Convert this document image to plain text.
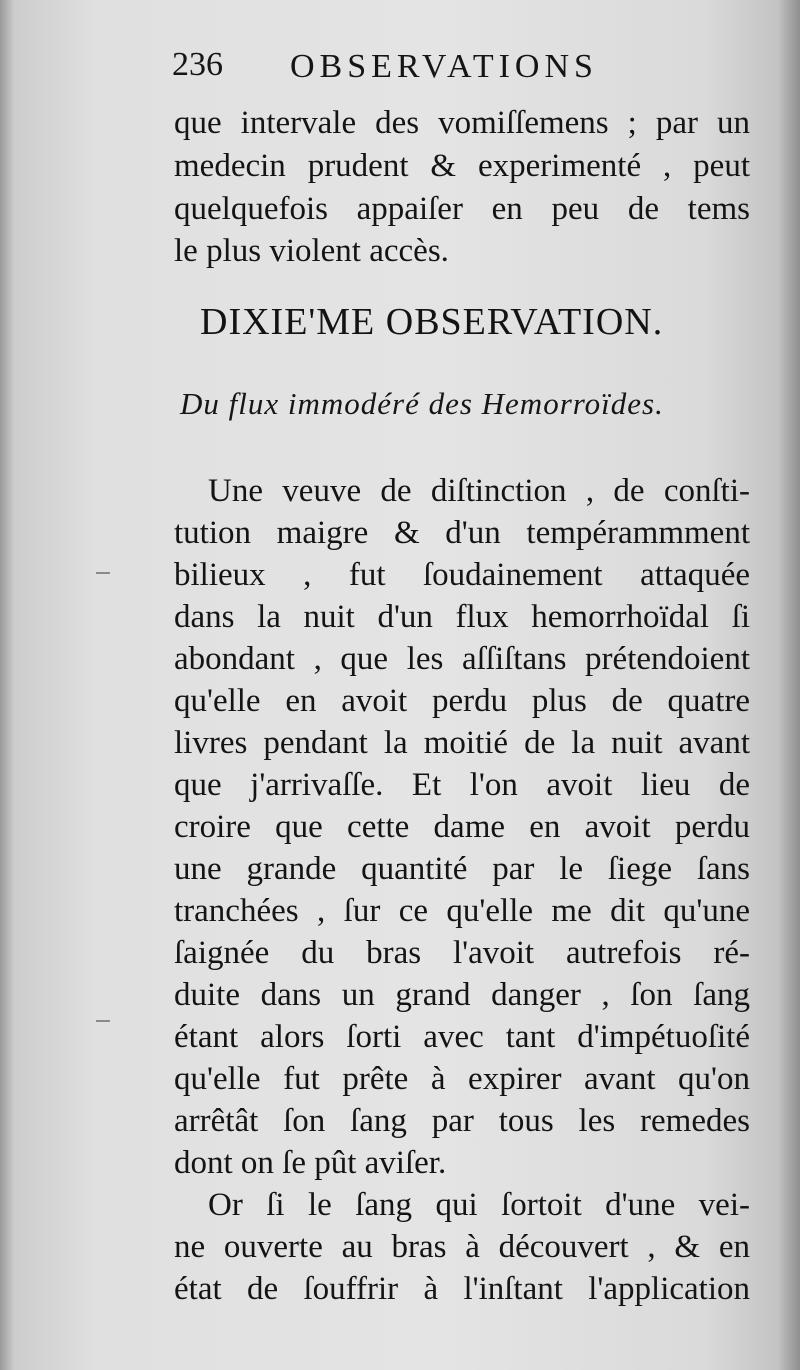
236 OBSERVATIONS
que intervale des vomiſſemens ; par un
medecin prudent & experimenté , peut
quelquefois appaiſer en peu de tems
le plus violent accès.
DIXIE'ME OBSERVATION.
Du flux immodéré des Hemorroïdes.
Une veuve de diſtinction , de conſti-
tution maigre & d'un tempérammment
bilieux , fut ſoudainement attaquée
dans la nuit d'un flux hemorrhoïdal ſi
abondant , que les aſſiſtans prétendoient
qu'elle en avoit perdu plus de quatre
livres pendant la moitié de la nuit avant
que j'arrivaſſe. Et l'on avoit lieu de
croire que cette dame en avoit perdu
une grande quantité par le ſiege ſans
tranchées , ſur ce qu'elle me dit qu'une
ſaignée du bras l'avoit autrefois ré-
duite dans un grand danger , ſon ſang
étant alors ſorti avec tant d'impétuoſité
qu'elle fut prête à expirer avant qu'on
arrêtât ſon ſang par tous les remedes
dont on ſe pût aviſer.
Or ſi le ſang qui ſortoit d'une vei-
ne ouverte au bras à découvert , & en
état de ſouffrir à l'inſtant l'application
